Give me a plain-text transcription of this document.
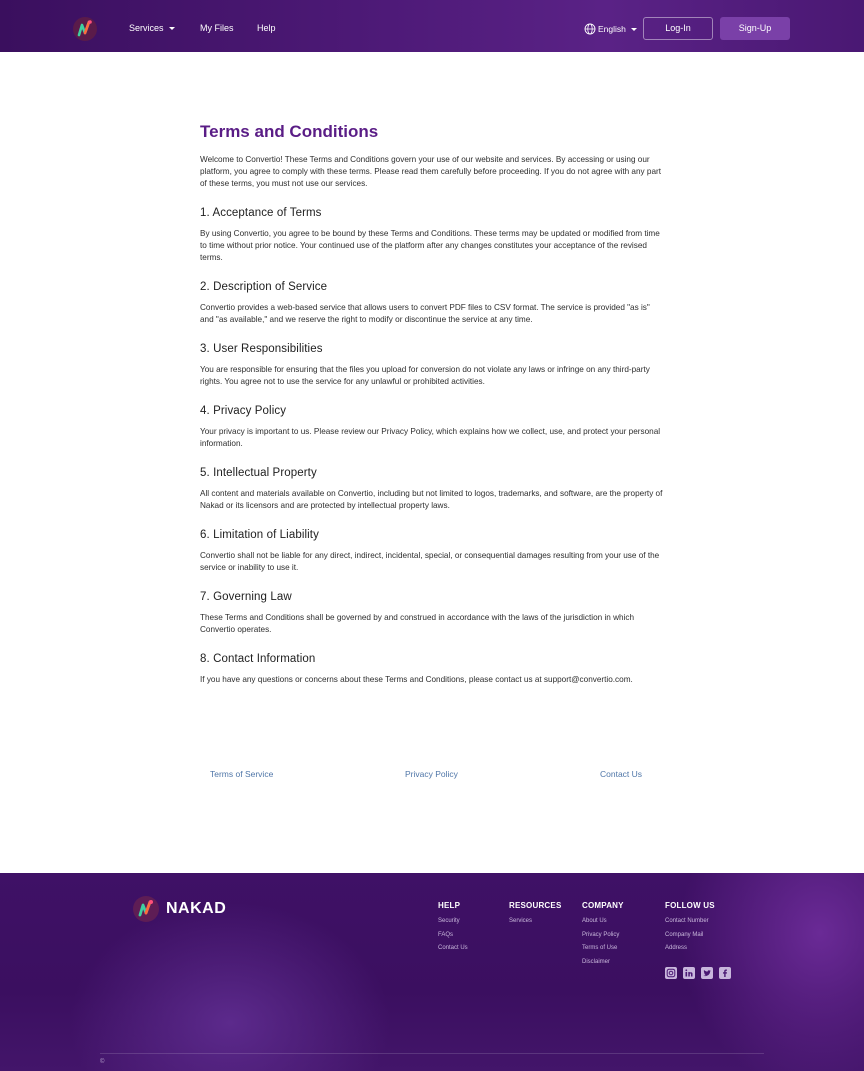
Services	My Files	Help	English	Log-In	Sign-Up
Terms and Conditions

Welcome to Convertio! These Terms and Conditions govern your use of our website and services. By accessing or using our platform, you agree to comply with these terms. Please read them carefully before proceeding. If you do not agree with any part of these terms, you must not use our services.

1. Acceptance of Terms

By using Convertio, you agree to be bound by these Terms and Conditions. These terms may be updated or modified from time to time without prior notice. Your continued use of the platform after any changes constitutes your acceptance of the revised terms.

2. Description of Service

Convertio provides a web-based service that allows users to convert PDF files to CSV format. The service is provided "as is" and "as available," and we reserve the right to modify or discontinue the service at any time.

3. User Responsibilities

You are responsible for ensuring that the files you upload for conversion do not violate any laws or infringe on any third-party rights. You agree not to use the service for any unlawful or prohibited activities.

4. Privacy Policy

Your privacy is important to us. Please review our Privacy Policy, which explains how we collect, use, and protect your personal information.

5. Intellectual Property

All content and materials available on Convertio, including but not limited to logos, trademarks, and software, are the property of Nakad or its licensors and are protected by intellectual property laws.

6. Limitation of Liability

Convertio shall not be liable for any direct, indirect, incidental, special, or consequential damages resulting from your use of the service or inability to use it.

7. Governing Law

These Terms and Conditions shall be governed by and construed in accordance with the laws of the jurisdiction in which Convertio operates.

8. Contact Information

If you have any questions or concerns about these Terms and Conditions, please contact us at support@convertio.com.

Terms of Service	Privacy Policy	Contact Us
NAKAD	HELP
Security
FAQs
Contact Us
RESOURCES
Services
COMPANY
About Us
Privacy Policy
Terms of Use
Disclaimer
FOLLOW US
Contact Number
Company Mail
Address
©
